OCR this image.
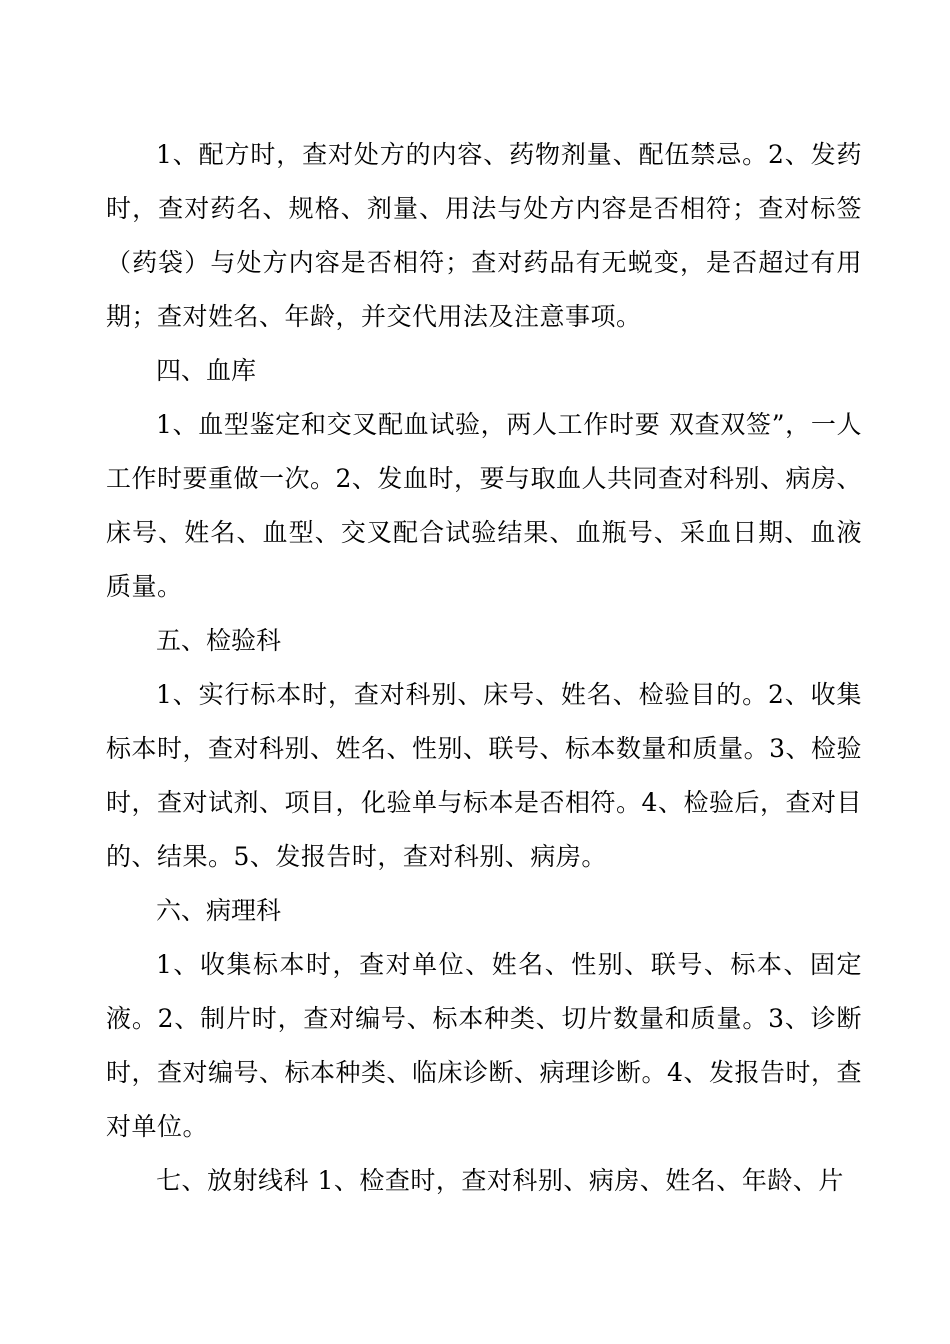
1、配方时，查对处方的内容、药物剂量、配伍禁忌。2、发药时，查对药名、规格、剂量、用法与处方内容是否相符；查对标签（药袋）与处方内容是否相符；查对药品有无蜕变，是否超过有用期；查对姓名、年龄，并交代用法及注意事项。

四、血库

1、血型鉴定和交叉配血试验，两人工作时要 双查双签”，一人工作时要重做一次。2、发血时，要与取血人共同查对科别、病房、床号、姓名、血型、交叉配合试验结果、血瓶号、采血日期、血液质量。

五、检验科

1、实行标本时，查对科别、床号、姓名、检验目的。2、收集标本时，查对科别、姓名、性别、联号、标本数量和质量。3、检验时，查对试剂、项目，化验单与标本是否相符。4、检验后，查对目的、结果。5、发报告时，查对科别、病房。

六、病理科

1、收集标本时，查对单位、姓名、性别、联号、标本、固定液。2、制片时，查对编号、标本种类、切片数量和质量。3、诊断时，查对编号、标本种类、临床诊断、病理诊断。4、发报告时，查对单位。

七、放射线科 1、检查时，查对科别、病房、姓名、年龄、片
